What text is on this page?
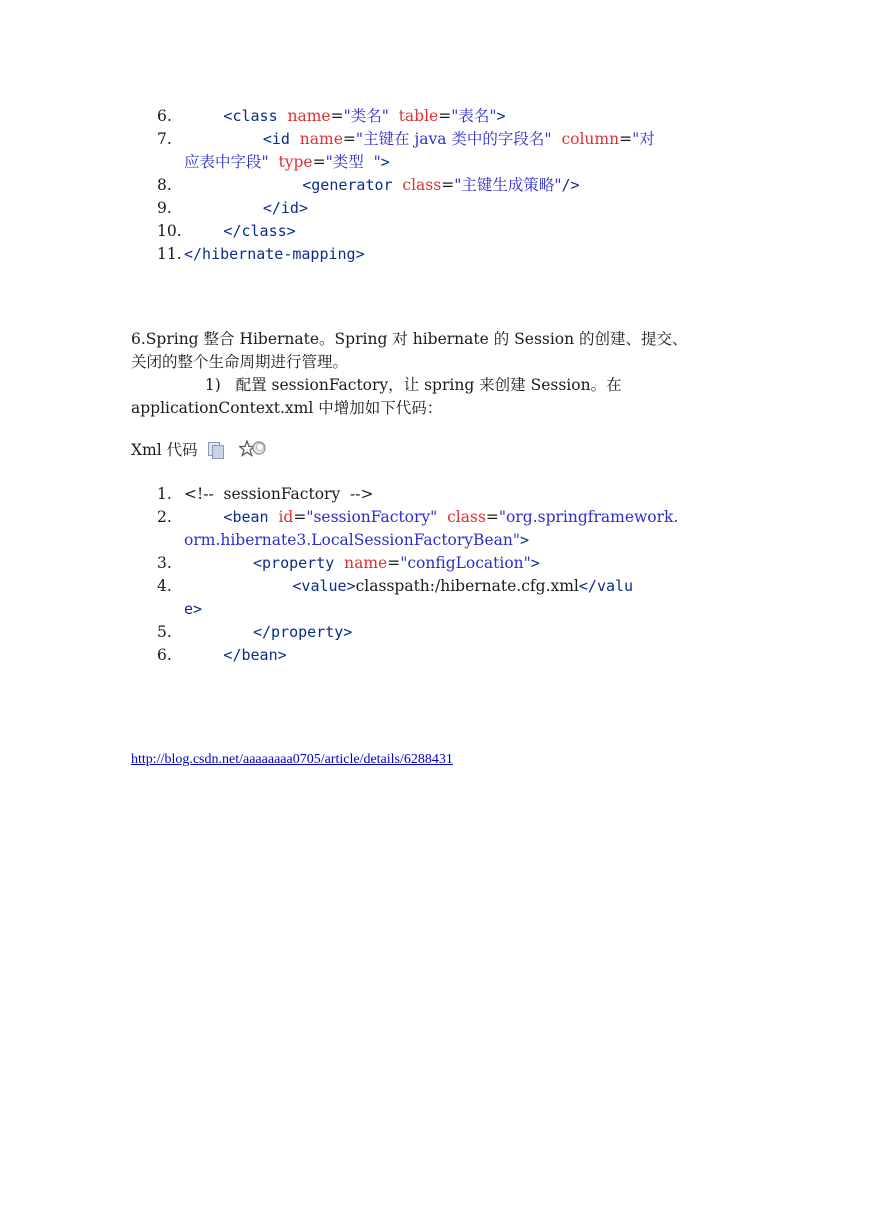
6.	<class name="类名" table="表名">
7.	<id name="主键在 java 类中的字段名" column="对
应表中字段" type="类型  ">
8.	<generator class="主键生成策略"/>
9.	</id>
10.	</class>
11. </hibernate-mapping>
6.Spring 整合 Hibernate。Spring 对 hibernate 的 Session 的创建、提交、
关闭的整个生命周期进行管理。
1)   配置 sessionFactory，让 spring 来创建 Session。在
applicationContext.xml 中增加如下代码：
Xml 代码
1. <!--  sessionFactory  -->
2.	<bean id="sessionFactory" class="org.springframework.
orm.hibernate3.LocalSessionFactoryBean">
3.	<property name="configLocation">
4.	<value>classpath:/hibernate.cfg.xml</valu
e>
5.	</property>
6.	</bean>
http://blog.csdn.net/aaaaaaaa0705/article/details/6288431
